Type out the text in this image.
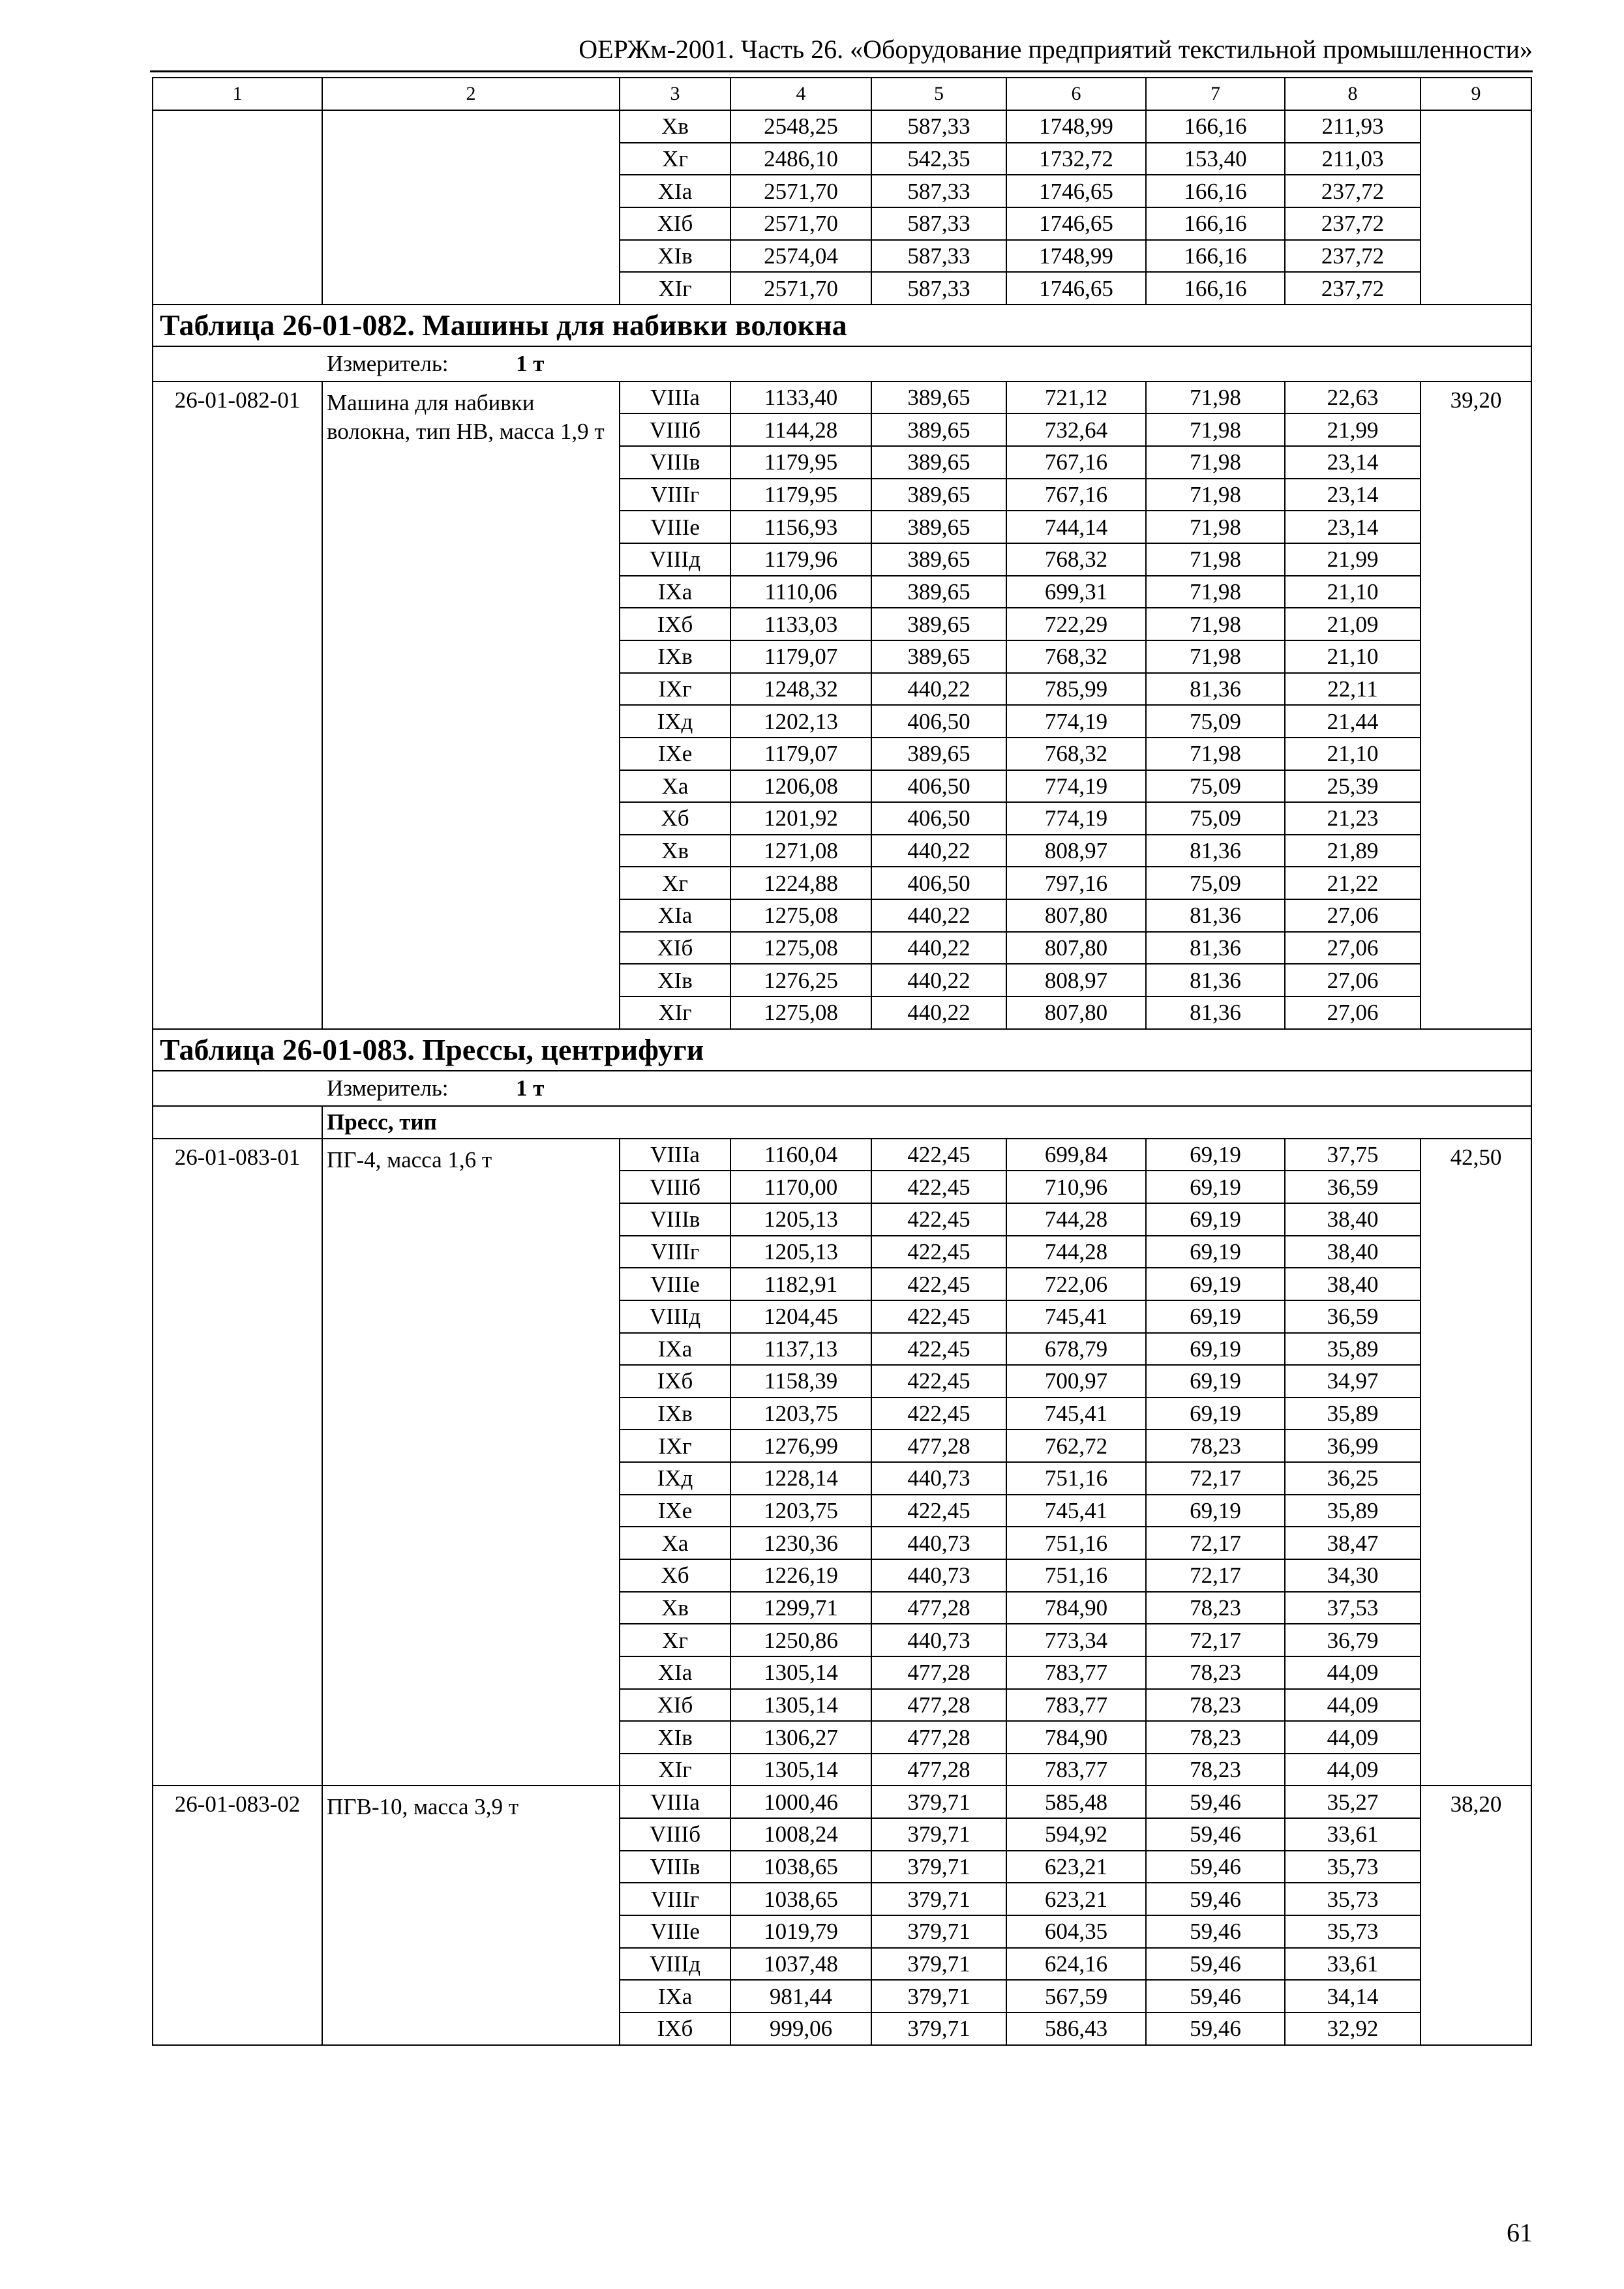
ОЕРЖм-2001. Часть 26. «Оборудование предприятий текстильной промышленности»
1	2	3	4	5	6	7	8	9
		Хв	2548,25	587,33	1748,99	166,16	211,93	
		Хг	2486,10	542,35	1732,72	153,40	211,03	
		ХIа	2571,70	587,33	1746,65	166,16	237,72	
		ХIб	2571,70	587,33	1746,65	166,16	237,72	
		ХIв	2574,04	587,33	1748,99	166,16	237,72	
		ХIг	2571,70	587,33	1746,65	166,16	237,72	
Таблица 26-01-082. Машины для набивки волокна								
Измеритель: 1 т								
26-01-082-01	Машина для набивки волокна, тип НВ, масса 1,9 т	VIIIа	1133,40	389,65	721,12	71,98	22,63	39,20
		VIIIб	1144,28	389,65	732,64	71,98	21,99	
		VIIIв	1179,95	389,65	767,16	71,98	23,14	
		VIIIг	1179,95	389,65	767,16	71,98	23,14	
		VIIIе	1156,93	389,65	744,14	71,98	23,14	
		VIIIд	1179,96	389,65	768,32	71,98	21,99	
		IХа	1110,06	389,65	699,31	71,98	21,10	
		IХб	1133,03	389,65	722,29	71,98	21,09	
		IХв	1179,07	389,65	768,32	71,98	21,10	
		IХг	1248,32	440,22	785,99	81,36	22,11	
		IХд	1202,13	406,50	774,19	75,09	21,44	
		IХе	1179,07	389,65	768,32	71,98	21,10	
		Ха	1206,08	406,50	774,19	75,09	25,39	
		Хб	1201,92	406,50	774,19	75,09	21,23	
		Хв	1271,08	440,22	808,97	81,36	21,89	
		Хг	1224,88	406,50	797,16	75,09	21,22	
		ХIа	1275,08	440,22	807,80	81,36	27,06	
		ХIб	1275,08	440,22	807,80	81,36	27,06	
		ХIв	1276,25	440,22	808,97	81,36	27,06	
		ХIг	1275,08	440,22	807,80	81,36	27,06	
Таблица 26-01-083. Прессы, центрифуги								
Измеритель: 1 т								
	Пресс, тип							
26-01-083-01	ПГ-4, масса 1,6 т	VIIIа	1160,04	422,45	699,84	69,19	37,75	42,50
		VIIIб	1170,00	422,45	710,96	69,19	36,59	
		VIIIв	1205,13	422,45	744,28	69,19	38,40	
		VIIIг	1205,13	422,45	744,28	69,19	38,40	
		VIIIе	1182,91	422,45	722,06	69,19	38,40	
		VIIIд	1204,45	422,45	745,41	69,19	36,59	
		IХа	1137,13	422,45	678,79	69,19	35,89	
		IХб	1158,39	422,45	700,97	69,19	34,97	
		IХв	1203,75	422,45	745,41	69,19	35,89	
		IХг	1276,99	477,28	762,72	78,23	36,99	
		IХд	1228,14	440,73	751,16	72,17	36,25	
		IХе	1203,75	422,45	745,41	69,19	35,89	
		Ха	1230,36	440,73	751,16	72,17	38,47	
		Хб	1226,19	440,73	751,16	72,17	34,30	
		Хв	1299,71	477,28	784,90	78,23	37,53	
		Хг	1250,86	440,73	773,34	72,17	36,79	
		ХIа	1305,14	477,28	783,77	78,23	44,09	
		ХIб	1305,14	477,28	783,77	78,23	44,09	
		ХIв	1306,27	477,28	784,90	78,23	44,09	
		ХIг	1305,14	477,28	783,77	78,23	44,09	
26-01-083-02	ПГВ-10, масса 3,9 т	VIIIа	1000,46	379,71	585,48	59,46	35,27	38,20
		VIIIб	1008,24	379,71	594,92	59,46	33,61	
		VIIIв	1038,65	379,71	623,21	59,46	35,73	
		VIIIг	1038,65	379,71	623,21	59,46	35,73	
		VIIIе	1019,79	379,71	604,35	59,46	35,73	
		VIIIд	1037,48	379,71	624,16	59,46	33,61	
		IХа	981,44	379,71	567,59	59,46	34,14	
		IХб	999,06	379,71	586,43	59,46	32,92	
61
